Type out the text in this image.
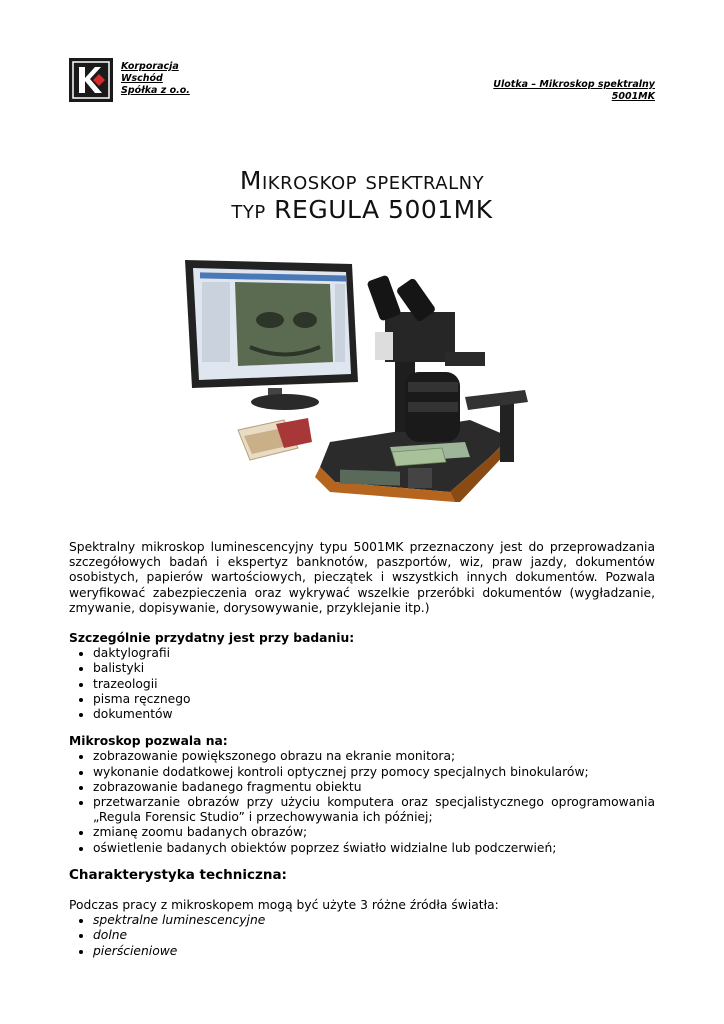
Korporacja
Wschód
Spółka z o.o.
Ulotka – Mikroskop spektralny
5001MK
Mikroskop spektralny
typ REGULA 5001MK

Spektralny mikroskop luminescencyjny typu 5001MK przeznaczony jest do przeprowadzania szczegółowych badań i ekspertyz banknotów, paszportów, wiz, praw jazdy, dokumentów osobistych, papierów wartościowych, pieczątek i wszystkich innych dokumentów. Pozwala weryfikować zabezpieczenia oraz wykrywać wszelkie przeróbki dokumentów (wygładzanie, zmywanie, dopisywanie, dorysowywanie, przyklejanie itp.)

Szczególnie przydatny jest przy badaniu:

• daktylografii
• balistyki
• trazeologii
• pisma ręcznego
• dokumentów

Mikroskop pozwala na:

• zobrazowanie powiększonego obrazu na ekranie monitora;
• wykonanie dodatkowej kontroli optycznej przy pomocy specjalnych binokularów;
• zobrazowanie badanego fragmentu obiektu
• przetwarzanie obrazów przy użyciu komputera oraz specjalistycznego oprogramowania „Regula Forensic Studio” i przechowywania ich później;
• zmianę zoomu badanych obrazów;
• oświetlenie badanych obiektów poprzez światło widzialne lub podczerwień;

Charakterystyka techniczna:

Podczas pracy z mikroskopem mogą być użyte 3 różne źródła światła:

• spektralne luminescencyjne
• dolne
• pierścieniowe
